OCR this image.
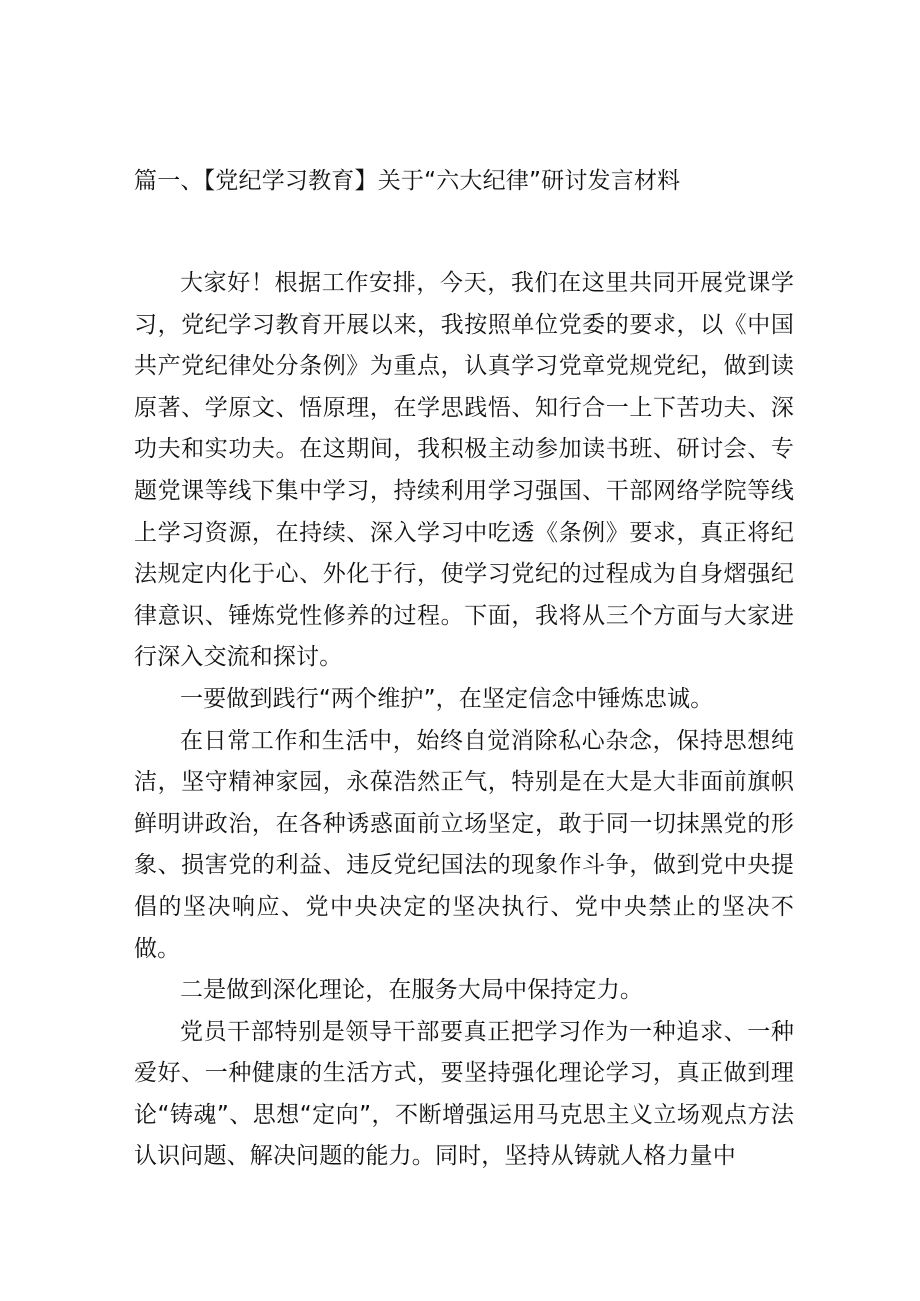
篇一、【党纪学习教育】关于“六大纪律”研讨发言材料

大家好！根据工作安排，今天，我们在这里共同开展党课学习，党纪学习教育开展以来，我按照单位党委的要求，以《中国共产党纪律处分条例》为重点，认真学习党章党规党纪，做到读原著、学原文、悟原理，在学思践悟、知行合一上下苦功夫、深功夫和实功夫。在这期间，我积极主动参加读书班、研讨会、专题党课等线下集中学习，持续利用学习强国、干部网络学院等线上学习资源，在持续、深入学习中吃透《条例》要求，真正将纪法规定内化于心、外化于行，使学习党纪的过程成为自身熠强纪律意识、锤炼党性修养的过程。下面，我将从三个方面与大家进行深入交流和探讨。

一要做到践行“两个维护”，在坚定信念中锤炼忠诚。

在日常工作和生活中，始终自觉消除私心杂念，保持思想纯洁，坚守精神家园，永葆浩然正气，特别是在大是大非面前旗帜鲜明讲政治，在各种诱惑面前立场坚定，敢于同一切抹黑党的形象、损害党的利益、违反党纪国法的现象作斗争，做到党中央提倡的坚决响应、党中央决定的坚决执行、党中央禁止的坚决不做。

二是做到深化理论，在服务大局中保持定力。

党员干部特别是领导干部要真正把学习作为一种追求、一种爱好、一种健康的生活方式，要坚持强化理论学习，真正做到理论“铸魂”、思想“定向”，不断增强运用马克思主义立场观点方法认识问题、解决问题的能力。同时，坚持从铸就人格力量中
